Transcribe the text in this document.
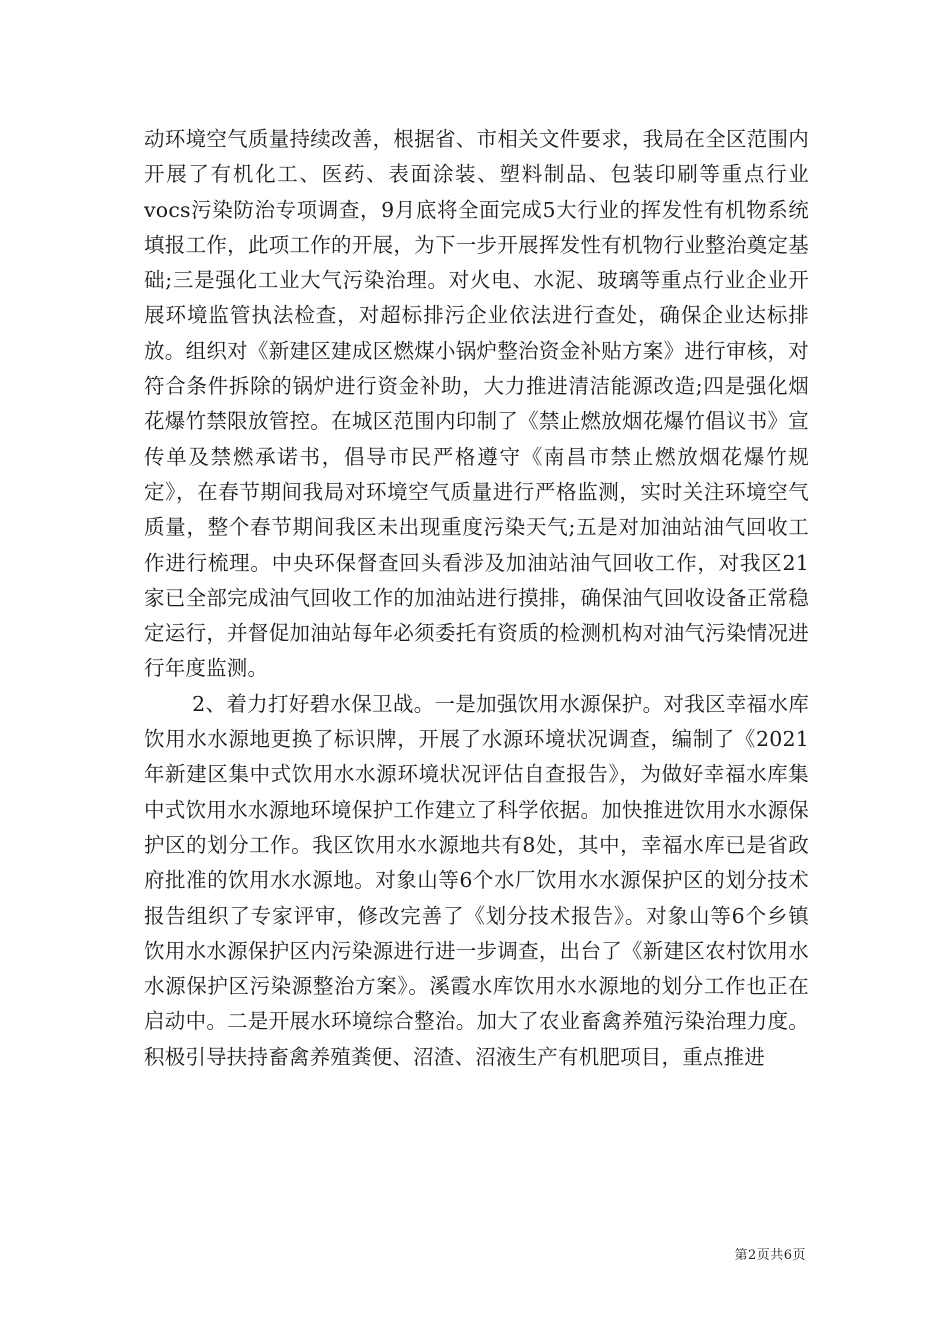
动环境空气质量持续改善，根据省、市相关文件要求，我局在全区范围内开展了有机化工、医药、表面涂装、塑料制品、包装印刷等重点行业vocs污染防治专项调查，9月底将全面完成5大行业的挥发性有机物系统填报工作，此项工作的开展，为下一步开展挥发性有机物行业整治奠定基础;三是强化工业大气污染治理。对火电、水泥、玻璃等重点行业企业开展环境监管执法检查，对超标排污企业依法进行查处，确保企业达标排放。组织对《新建区建成区燃煤小锅炉整治资金补贴方案》进行审核，对符合条件拆除的锅炉进行资金补助，大力推进清洁能源改造;四是强化烟花爆竹禁限放管控。在城区范围内印制了《禁止燃放烟花爆竹倡议书》宣传单及禁燃承诺书，倡导市民严格遵守《南昌市禁止燃放烟花爆竹规定》，在春节期间我局对环境空气质量进行严格监测，实时关注环境空气质量，整个春节期间我区未出现重度污染天气;五是对加油站油气回收工作进行梳理。中央环保督查回头看涉及加油站油气回收工作，对我区21家已全部完成油气回收工作的加油站进行摸排，确保油气回收设备正常稳定运行，并督促加油站每年必须委托有资质的检测机构对油气污染情况进行年度监测。

2、着力打好碧水保卫战。一是加强饮用水源保护。对我区幸福水库饮用水水源地更换了标识牌，开展了水源环境状况调查，编制了《2021年新建区集中式饮用水水源环境状况评估自查报告》，为做好幸福水库集中式饮用水水源地环境保护工作建立了科学依据。加快推进饮用水水源保护区的划分工作。我区饮用水水源地共有8处，其中，幸福水库已是省政府批准的饮用水水源地。对象山等6个水厂饮用水水源保护区的划分技术报告组织了专家评审，修改完善了《划分技术报告》。对象山等6个乡镇饮用水水源保护区内污染源进行进一步调查，出台了《新建区农村饮用水水源保护区污染源整治方案》。溪霞水库饮用水水源地的划分工作也正在启动中。二是开展水环境综合整治。加大了农业畜禽养殖污染治理力度。积极引导扶持畜禽养殖粪便、沼渣、沼液生产有机肥项目，重点推进

第2页共6页
